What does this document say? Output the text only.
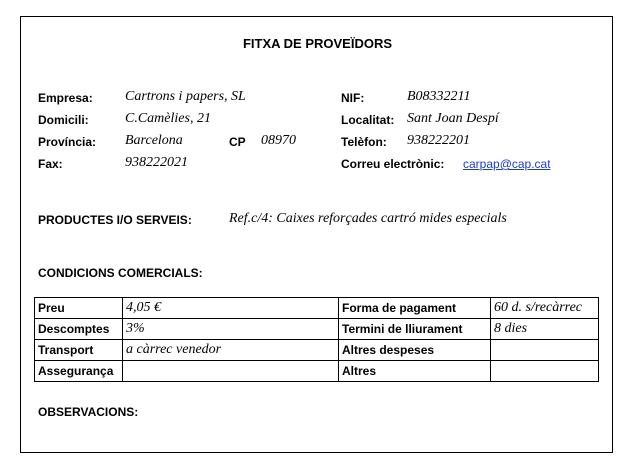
FITXA DE PROVEÏDORS
Empresa: Cartrons i papers, SL
Domicili:	C.Camèlies, 21
Província: Barcelona	CP 08970
Fax:	938222021
NIF:	B08332211
Localitat: Sant Joan Despí
Telèfon: 938222201
Correu electrònic: carpap@cap.cat
PRODUCTES I/O SERVEIS:	Ref.c/4: Caixes reforçades cartró mides especials
CONDICIONS COMERCIALS:
Preu	4,05 €	Forma de pagament	60 d. s/recàrrec
Descomptes	3%	Termini de lliurament	8 dies
Transport	a càrrec venedor	Altres despeses	
Assegurança		Altres	
OBSERVACIONS:
